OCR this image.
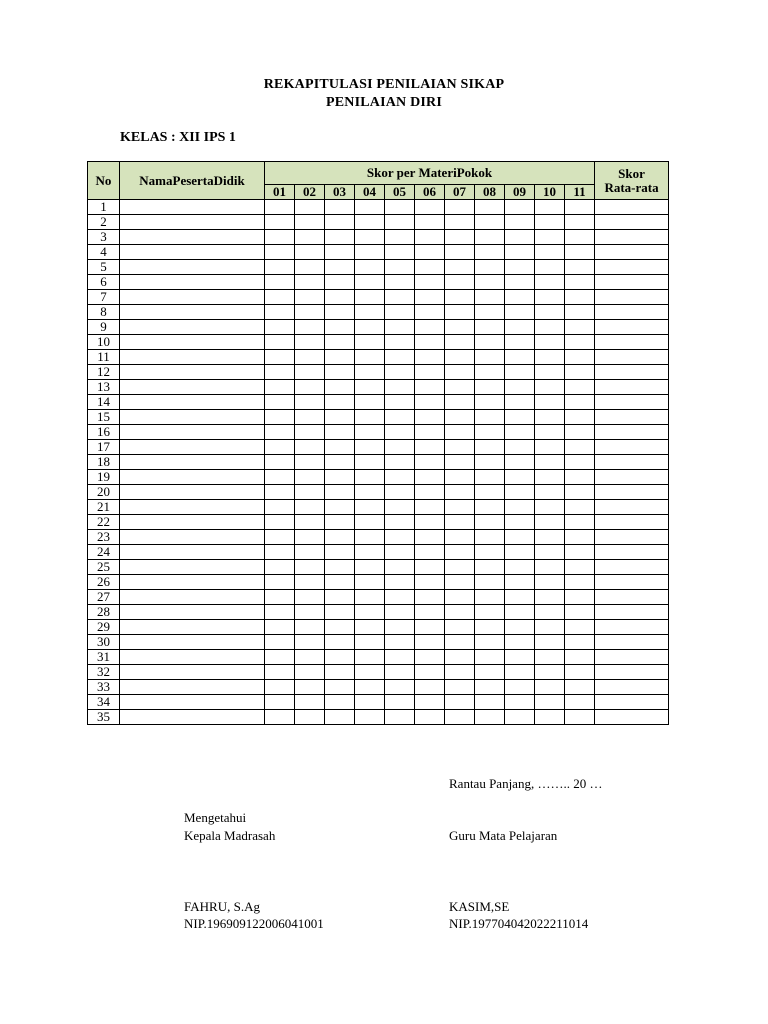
REKAPITULASI PENILAIAN SIKAP
PENILAIAN DIRI
KELAS : XII IPS 1
No	NamaPesertaDidik	Skor per MateriPokok											Skor
Rata-rata
		01	02	03	04	05	06	07	08	09	10	11	
1													
2													
3													
4													
5													
6													
7													
8													
9													
10													
11													
12													
13													
14													
15													
16													
17													
18													
19													
20													
21													
22													
23													
24													
25													
26													
27													
28													
29													
30													
31													
32													
33													
34													
35													
Rantau Panjang, …….. 20 …
Mengetahui
Kepala Madrasah	Guru Mata Pelajaran
FAHRU, S.Ag
NIP.196909122006041001
KASIM,SE
NIP.197704042022211014
